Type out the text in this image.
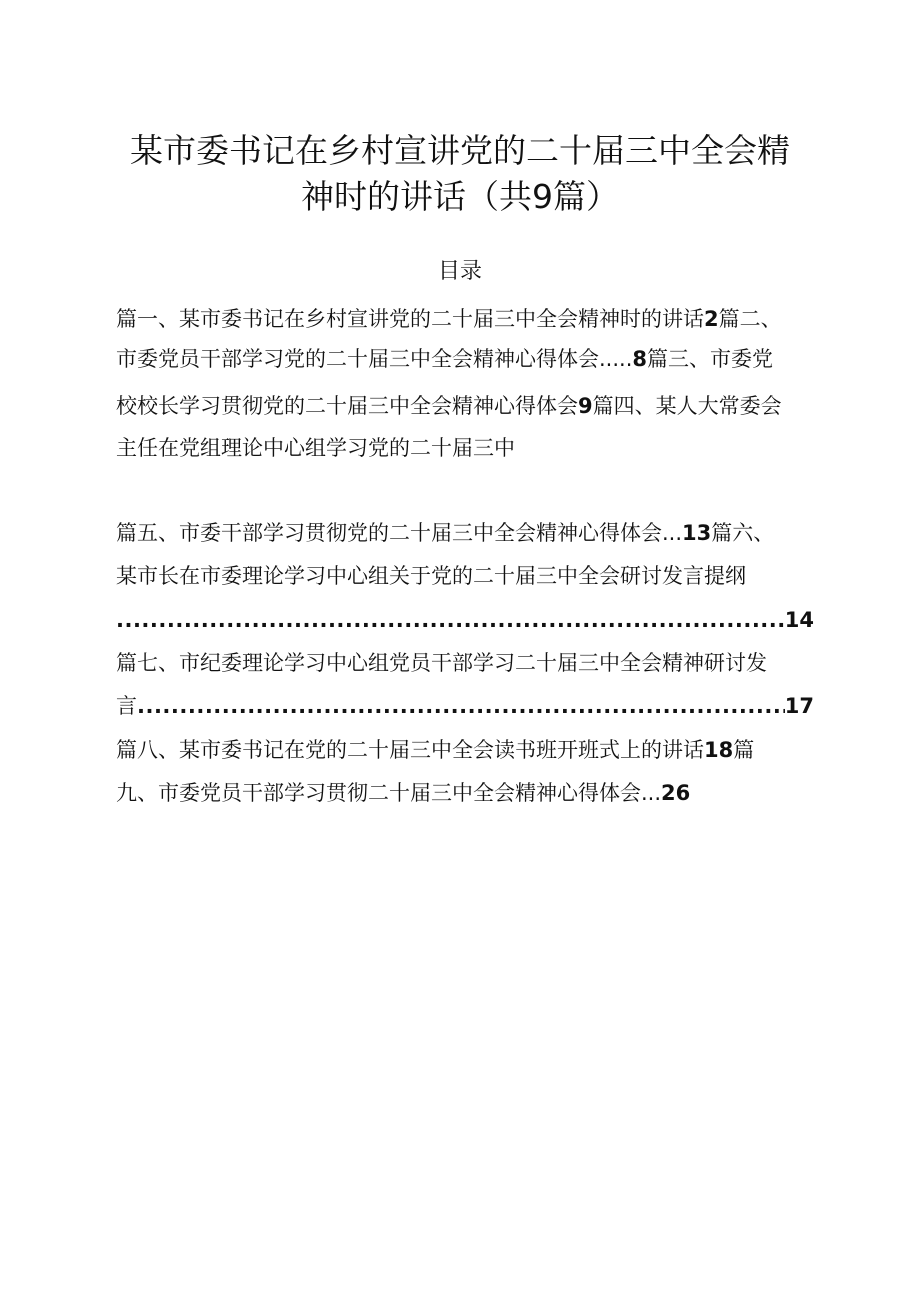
某市委书记在乡村宣讲党的二十届三中全会精
神时的讲话（共9篇）
目录
篇一、某市委书记在乡村宣讲党的二十届三中全会精神时的讲话2篇二、
市委党员干部学习党的二十届三中全会精神心得体会.....8篇三、市委党
校校长学习贯彻党的二十届三中全会精神心得体会9篇四、某人大常委会
主任在党组理论中心组学习党的二十届三中
篇五、市委干部学习贯彻党的二十届三中全会精神心得体会...13篇六、
某市长在市委理论学习中心组关于党的二十届三中全会研讨发言提纲
.....
14
篇七、市纪委理论学习中心组党员干部学习二十届三中全会精神研讨发
言
.....	17
篇八、某市委书记在党的二十届三中全会读书班开班式上的讲话18篇
九、市委党员干部学习贯彻二十届三中全会精神心得体会...26
